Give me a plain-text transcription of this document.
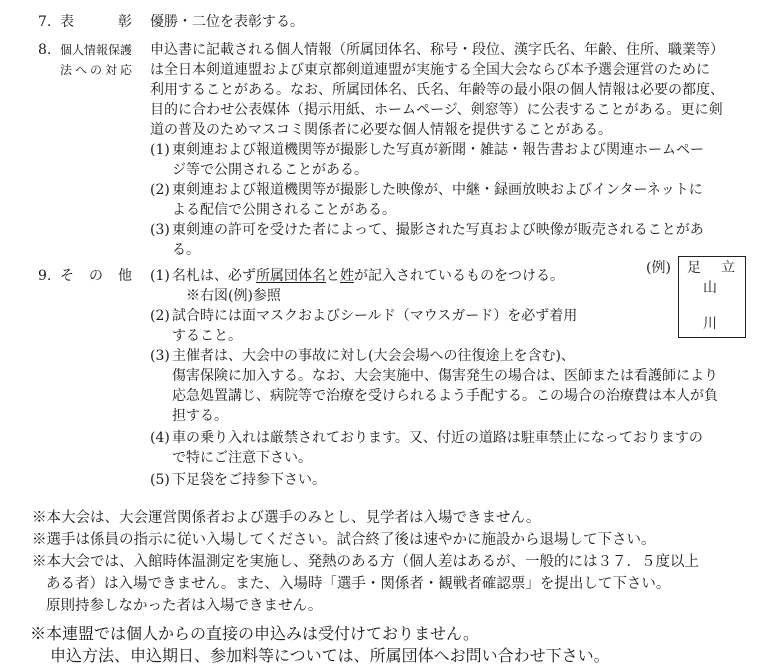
7. 表	彰 優勝・二位を表彰する。
8. 個人情報保護
法への対応
申込書に記載される個人情報（所属団体名、称号・段位、漢字氏名、年齢、住所、職業等）
は全日本剣道連盟および東京都剣道連盟が実施する全国大会ならび本予選会運営のために
利用することがある。なお、所属団体名、氏名、年齢等の最小限の個人情報は必要の都度、
目的に合わせ公表媒体（掲示用紙、ホームページ、剣窓等）に公表することがある。更に剣
道の普及のためマスコミ関係者に必要な個人情報を提供することがある。
(1) 東剣連および報道機関等が撮影した写真が新聞・雑誌・報告書および関連ホームペー
ジ等で公開されることがある。
(2) 東剣連および報道機関等が撮影した映像が、中継・録画放映およびインターネットに
よる配信で公開されることがある。
(3) 東剣連の許可を受けた者によって、撮影された写真および映像が販売されることがあ
る。
9. そ の 他 (1) 名札は、必ず所属団体名と姓が記入されているものをつける。
※右図(例)参照
(2) 試合時には面マスクおよびシールド（マウスガード）を必ず着用
すること。
(3) 主催者は、大会中の事故に対し(大会会場への往復途上を含む)、
傷害保険に加入する。なお、大会実施中、傷害発生の場合は、医師または看護師により
応急処置講じ、病院等で治療を受けられるよう手配する。この場合の治療費は本人が負
担する。
(4) 車の乗り入れは厳禁されております。又、付近の道路は駐車禁止になっておりますの
で特にご注意下さい。
(5) 下足袋をご持参下さい。
(例) 足 立
山
川
※本大会は、大会運営関係者および選手のみとし、見学者は入場できません。
※選手は係員の指示に従い入場してください。試合終了後は速やかに施設から退場して下さい。
※本大会では、入館時体温測定を実施し、発熱のある方（個人差はあるが、一般的には３７．５度以上
ある者）は入場できません。また、入場時「選手・関係者・観戦者確認票」を提出して下さい。
原則持参しなかった者は入場できません。
※本連盟では個人からの直接の申込みは受付けておりません。
申込方法、申込期日、参加料等については、所属団体へお問い合わせ下さい。
